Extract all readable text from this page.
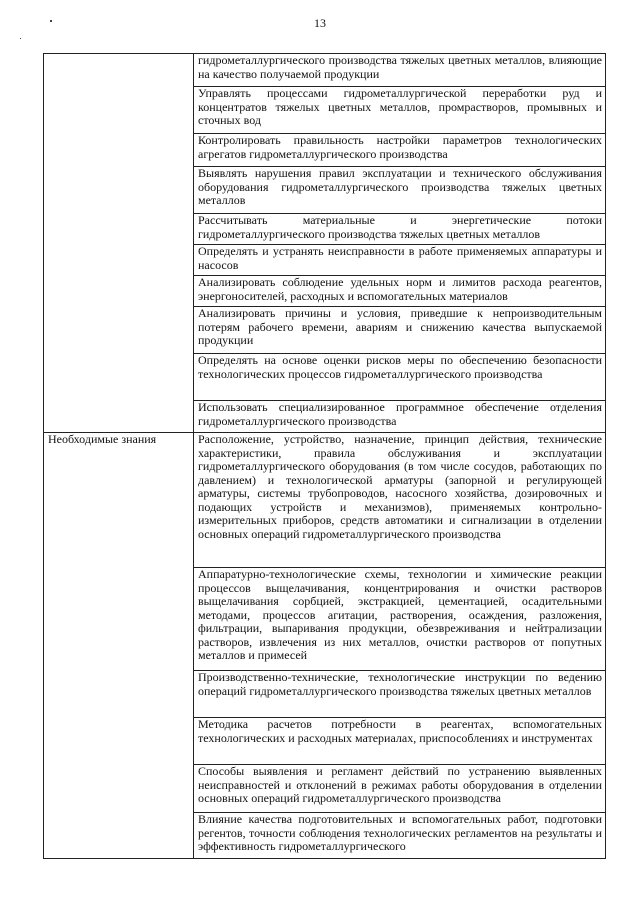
13
	гидрометаллургического производства тяжелых цветных металлов, влияющие на качество получаемой продукции
	Управлять процессами гидрометаллургической переработки руд и концентратов тяжелых цветных металлов, промрастворов, промывных и сточных вод
	Контролировать правильность настройки параметров технологических агрегатов гидрометаллургического производства
	Выявлять нарушения правил эксплуатации и технического обслуживания оборудования гидрометаллургического производства тяжелых цветных металлов
	Рассчитывать материальные и энергетические потоки гидрометаллургического производства тяжелых цветных металлов
	Определять и устранять неисправности в работе применяемых аппаратуры и насосов
	Анализировать соблюдение удельных норм и лимитов расхода реагентов, энергоносителей, расходных и вспомогательных материалов
	Анализировать причины и условия, приведшие к непроизводительным потерям рабочего времени, авариям и снижению качества выпускаемой продукции
	Определять на основе оценки рисков меры по обеспечению безопасности технологических процессов гидрометаллургического производства
	Использовать специализированное программное обеспечение отделения гидрометаллургического производства
Необходимые знания	Расположение, устройство, назначение, принцип действия, технические характеристики, правила обслуживания и эксплуатации гидрометаллургического оборудования (в том числе сосудов, работающих по давлением) и технологической арматуры (запорной и регулирующей арматуры, системы трубопроводов, насосного хозяйства, дозировочных и подающих устройств и механизмов), применяемых контрольно-измерительных приборов, средств автоматики и сигнализации в отделении основных операций гидрометаллургического производства
	Аппаратурно-технологические схемы, технологии и химические реакции процессов выщелачивания, концентрирования и очистки растворов выщелачивания сорбцией, экстракцией, цементацией, осадительными методами, процессов агитации, растворения, осаждения, разложения, фильтрации, выпаривания продукции, обезвреживания и нейтрализации растворов, извлечения из них металлов, очистки растворов от попутных металлов и примесей
	Производственно-технические, технологические инструкции по ведению операций гидрометаллургического производства тяжелых цветных металлов
	Методика расчетов потребности в реагентах, вспомогательных технологических и расходных материалах, приспособлениях и инструментах
	Способы выявления и регламент действий по устранению выявленных неисправностей и отклонений в режимах работы оборудования в отделении основных операций гидрометаллургического производства
	Влияние качества подготовительных и вспомогательных работ, подготовки регентов, точности соблюдения технологических регламентов на результаты и эффективность гидрометаллургического
